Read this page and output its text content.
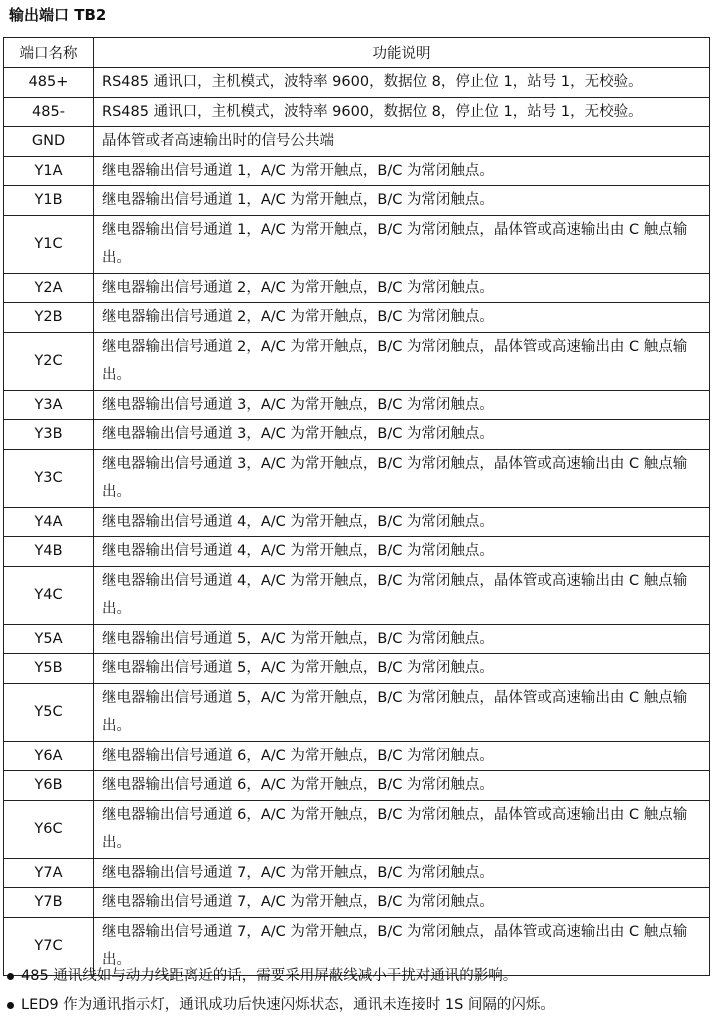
输出端口 TB2
端口名称	功能说明
485+	RS485 通讯口，主机模式，波特率 9600，数据位 8，停止位 1，站号 1，无校验。
485-	RS485 通讯口，主机模式，波特率 9600，数据位 8，停止位 1，站号 1，无校验。
GND	晶体管或者高速输出时的信号公共端
Y1A	继电器输出信号通道 1，A/C 为常开触点，B/C 为常闭触点。
Y1B	继电器输出信号通道 1，A/C 为常开触点，B/C 为常闭触点。
Y1C	继电器输出信号通道 1，A/C 为常开触点，B/C 为常闭触点，晶体管或高速输出由 C 触点输出。
Y2A	继电器输出信号通道 2，A/C 为常开触点，B/C 为常闭触点。
Y2B	继电器输出信号通道 2，A/C 为常开触点，B/C 为常闭触点。
Y2C	继电器输出信号通道 2，A/C 为常开触点，B/C 为常闭触点，晶体管或高速输出由 C 触点输出。
Y3A	继电器输出信号通道 3，A/C 为常开触点，B/C 为常闭触点。
Y3B	继电器输出信号通道 3，A/C 为常开触点，B/C 为常闭触点。
Y3C	继电器输出信号通道 3，A/C 为常开触点，B/C 为常闭触点，晶体管或高速输出由 C 触点输出。
Y4A	继电器输出信号通道 4，A/C 为常开触点，B/C 为常闭触点。
Y4B	继电器输出信号通道 4，A/C 为常开触点，B/C 为常闭触点。
Y4C	继电器输出信号通道 4，A/C 为常开触点，B/C 为常闭触点，晶体管或高速输出由 C 触点输出。
Y5A	继电器输出信号通道 5，A/C 为常开触点，B/C 为常闭触点。
Y5B	继电器输出信号通道 5，A/C 为常开触点，B/C 为常闭触点。
Y5C	继电器输出信号通道 5，A/C 为常开触点，B/C 为常闭触点，晶体管或高速输出由 C 触点输出。
Y6A	继电器输出信号通道 6，A/C 为常开触点，B/C 为常闭触点。
Y6B	继电器输出信号通道 6，A/C 为常开触点，B/C 为常闭触点。
Y6C	继电器输出信号通道 6，A/C 为常开触点，B/C 为常闭触点，晶体管或高速输出由 C 触点输出。
Y7A	继电器输出信号通道 7，A/C 为常开触点，B/C 为常闭触点。
Y7B	继电器输出信号通道 7，A/C 为常开触点，B/C 为常闭触点。
Y7C	继电器输出信号通道 7，A/C 为常开触点，B/C 为常闭触点，晶体管或高速输出由 C 触点输出。
485 通讯线如与动力线距离近的话，需要采用屏蔽线减小干扰对通讯的影响。
LED9 作为通讯指示灯，通讯成功后快速闪烁状态，通讯未连接时 1S 间隔的闪烁。
